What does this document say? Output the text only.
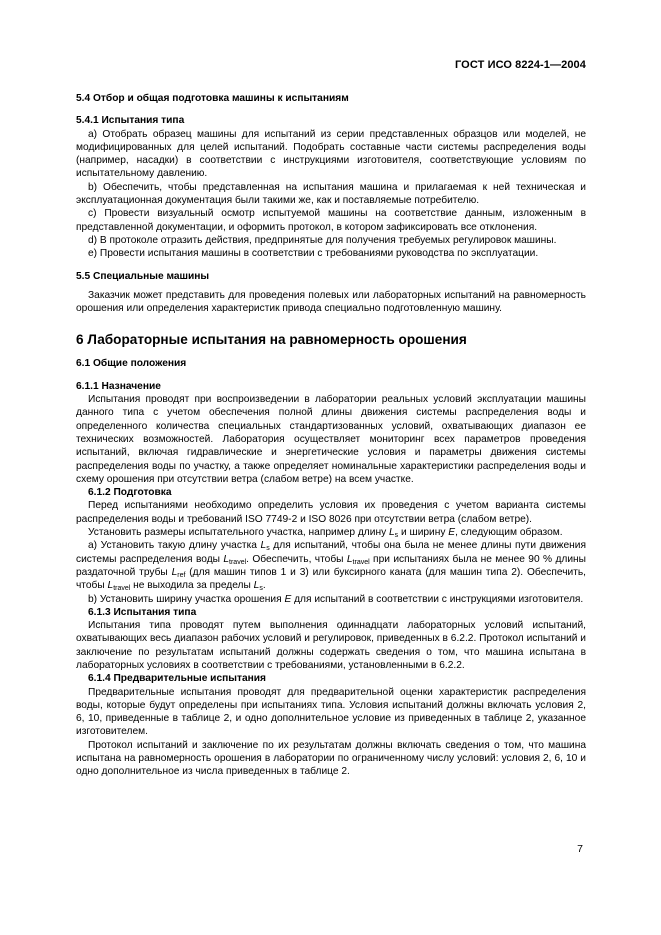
ГОСТ ИСО 8224-1—2004
5.4 Отбор и общая подготовка машины к испытаниям
5.4.1 Испытания типа

a) Отобрать образец машины для испытаний из серии представленных образцов или моделей, не модифицированных для целей испытаний. Подобрать составные части системы распределения воды (например, насадки) в соответствии с инструкциями изготовителя, соответствующие условиям по испытательному давлению.

b) Обеспечить, чтобы представленная на испытания машина и прилагаемая к ней техническая и эксплуатационная документация были такими же, как и поставляемые потребителю.

c) Провести визуальный осмотр испытуемой машины на соответствие данным, изложенным в представленной документации, и оформить протокол, в котором зафиксировать все отклонения.

d) В протоколе отразить действия, предпринятые для получения требуемых регулировок машины.

e) Провести испытания машины в соответствии с требованиями руководства по эксплуатации.

5.5 Специальные машины

Заказчик может представить для проведения полевых или лабораторных испытаний на равномерность орошения или определения характеристик привода специально подготовленную машину.

6 Лабораторные испытания на равномерность орошения
6.1 Общие положения
6.1.1 Назначение

Испытания проводят при воспроизведении в лаборатории реальных условий эксплуатации машины данного типа с учетом обеспечения полной длины движения системы распределения воды и определенного количества специальных стандартизованных условий, охватывающих диапазон ее технических возможностей. Лаборатория осуществляет мониторинг всех параметров проведения испытаний, включая гидравлические и энергетические условия и параметры движения системы распределения воды по участку, а также определяет номинальные характеристики распределения воды и схему орошения при отсутствии ветра (слабом ветре) на всем участке.

6.1.2 Подготовка

Перед испытаниями необходимо определить условия их проведения с учетом варианта системы распределения воды и требований ISO 7749-2 и ISO 8026 при отсутствии ветра (слабом ветре).

Установить размеры испытательного участка, например длину $L_s$ и ширину E, следующим образом.

a) Установить такую длину участка $L_s$ для испытаний, чтобы она была не менее длины пути движения системы распределения воды $L_{travel}$. Обеспечить, чтобы $L_{travel}$ при испытаниях была не менее 90 % длины раздаточной трубы $L_{ref}$ (для машин типов 1 и 3) или буксирного каната (для машин типа 2). Обеспечить, чтобы $L_{travel}$ не выходила за пределы $L_s$.

b) Установить ширину участка орошения E для испытаний в соответствии с инструкциями изготовителя.

6.1.3 Испытания типа

Испытания типа проводят путем выполнения одиннадцати лабораторных условий испытаний, охватывающих весь диапазон рабочих условий и регулировок, приведенных в 6.2.2. Протокол испытаний и заключение по результатам испытаний должны содержать сведения о том, что машина испытана в лабораторных условиях в соответствии с требованиями, установленными в 6.2.2.

6.1.4 Предварительные испытания

Предварительные испытания проводят для предварительной оценки характеристик распределения воды, которые будут определены при испытаниях типа. Условия испытаний должны включать условия 2, 6, 10, приведенные в таблице 2, и одно дополнительное условие из приведенных в таблице 2, указанное изготовителем.

Протокол испытаний и заключение по их результатам должны включать сведения о том, что машина испытана на равномерность орошения в лаборатории по ограниченному числу условий: условия 2, 6, 10 и одно дополнительное из числа приведенных в таблице 2.

7
